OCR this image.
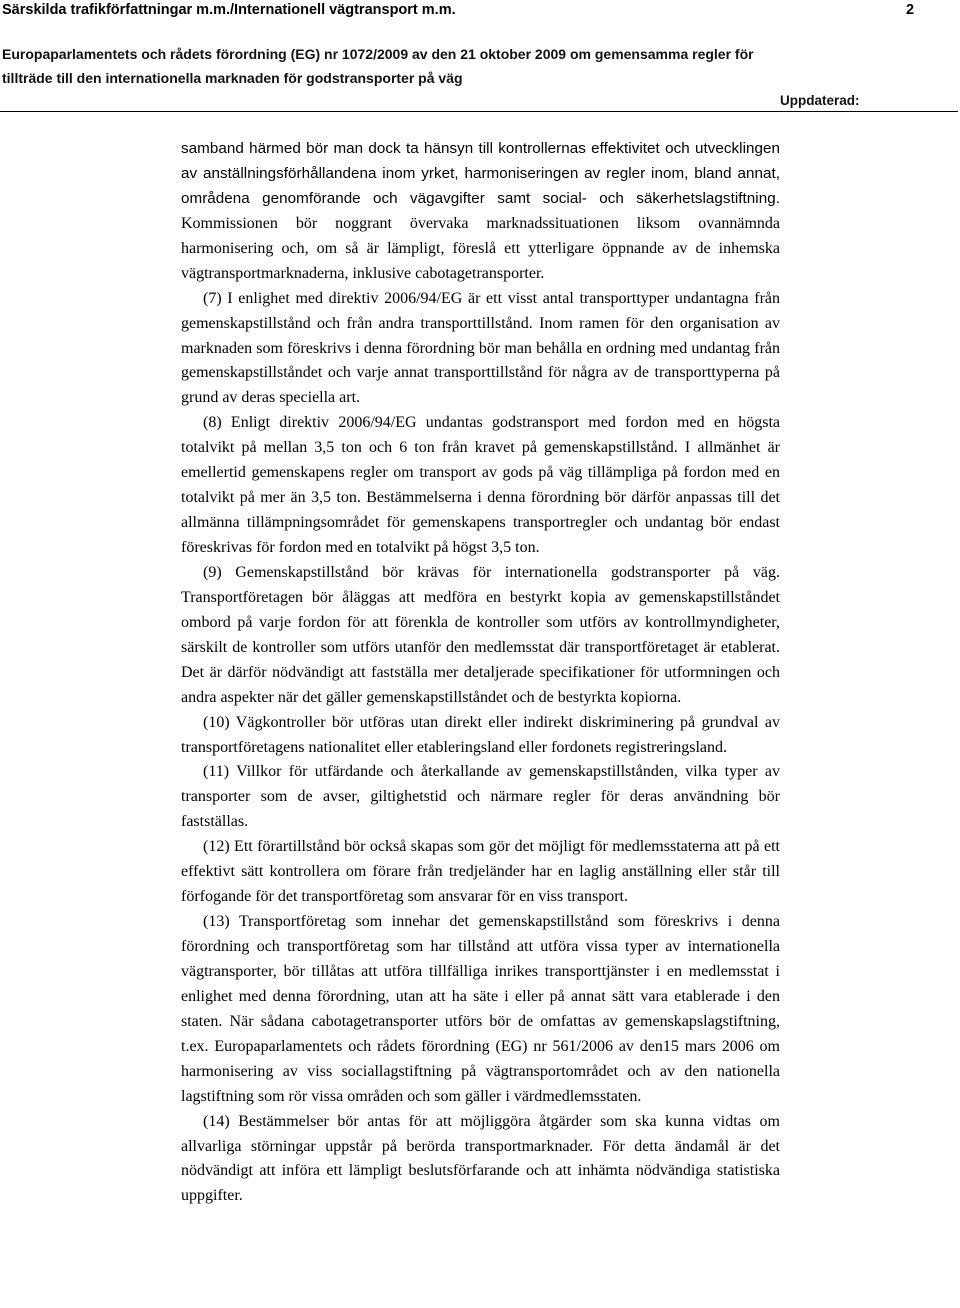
Särskilda trafikförfattningar m.m./Internationell vägtransport m.m.	2
Europaparlamentets och rådets förordning (EG) nr 1072/2009 av den 21 oktober 2009 om gemensamma regler för
tillträde till den internationella marknaden för godstransporter på väg
Uppdaterad:

samband härmed bör man dock ta hänsyn till kontrollernas effektivitet och utvecklingen av anställningsförhållandena inom yrket, harmoniseringen av regler inom, bland annat, områdena genomförande och vägavgifter samt social- och säkerhetslagstiftning. Kommissionen bör noggrant övervaka marknadssituationen liksom ovannämnda harmonisering och, om så är lämpligt, föreslå ett ytterligare öppnande av de inhemska vägtransportmarknaderna, inklusive cabotagetransporter.

(7) I enlighet med direktiv 2006/94/EG är ett visst antal transporttyper undantagna från gemenskapstillstånd och från andra transporttillstånd. Inom ramen för den organisation av marknaden som föreskrivs i denna förordning bör man behålla en ordning med undantag från gemenskapstillståndet och varje annat transporttillstånd för några av de transporttyperna på grund av deras speciella art.

(8) Enligt direktiv 2006/94/EG undantas godstransport med fordon med en högsta totalvikt på mellan 3,5 ton och 6 ton från kravet på gemenskapstillstånd. I allmänhet är emellertid gemenskapens regler om transport av gods på väg tillämpliga på fordon med en totalvikt på mer än 3,5 ton. Bestämmelserna i denna förordning bör därför anpassas till det allmänna tillämpningsområdet för gemenskapens transportregler och undantag bör endast föreskrivas för fordon med en totalvikt på högst 3,5 ton.

(9) Gemenskapstillstånd bör krävas för internationella godstransporter på väg. Transportföretagen bör åläggas att medföra en bestyrkt kopia av gemenskapstillståndet ombord på varje fordon för att förenkla de kontroller som utförs av kontrollmyndigheter, särskilt de kontroller som utförs utanför den medlemsstat där transportföretaget är etablerat. Det är därför nödvändigt att fastställa mer detaljerade specifikationer för utformningen och andra aspekter när det gäller gemenskapstillståndet och de bestyrkta kopiorna.

(10) Vägkontroller bör utföras utan direkt eller indirekt diskriminering på grundval av transportföretagens nationalitet eller etableringsland eller fordonets registreringsland.

(11) Villkor för utfärdande och återkallande av gemenskapstillstånden, vilka typer av transporter som de avser, giltighetstid och närmare regler för deras användning bör fastställas.

(12) Ett förartillstånd bör också skapas som gör det möjligt för medlemsstaterna att på ett effektivt sätt kontrollera om förare från tredjeländer har en laglig anställning eller står till förfogande för det transportföretag som ansvarar för en viss transport.

(13) Transportföretag som innehar det gemenskapstillstånd som föreskrivs i denna förordning och transportföretag som har tillstånd att utföra vissa typer av internationella vägtransporter, bör tillåtas att utföra tillfälliga inrikes transporttjänster i en medlemsstat i enlighet med denna förordning, utan att ha säte i eller på annat sätt vara etablerade i den staten. När sådana cabotagetransporter utförs bör de omfattas av gemenskapslagstiftning, t.ex. Europaparlamentets och rådets förordning (EG) nr 561/2006 av den15 mars 2006 om harmonisering av viss sociallagstiftning på vägtransportområdet och av den nationella lagstiftning som rör vissa områden och som gäller i värdmedlemsstaten.

(14) Bestämmelser bör antas för att möjliggöra åtgärder som ska kunna vidtas om allvarliga störningar uppstår på berörda transportmarknader. För detta ändamål är det nödvändigt att införa ett lämpligt beslutsförfarande och att inhämta nödvändiga statistiska uppgifter.
